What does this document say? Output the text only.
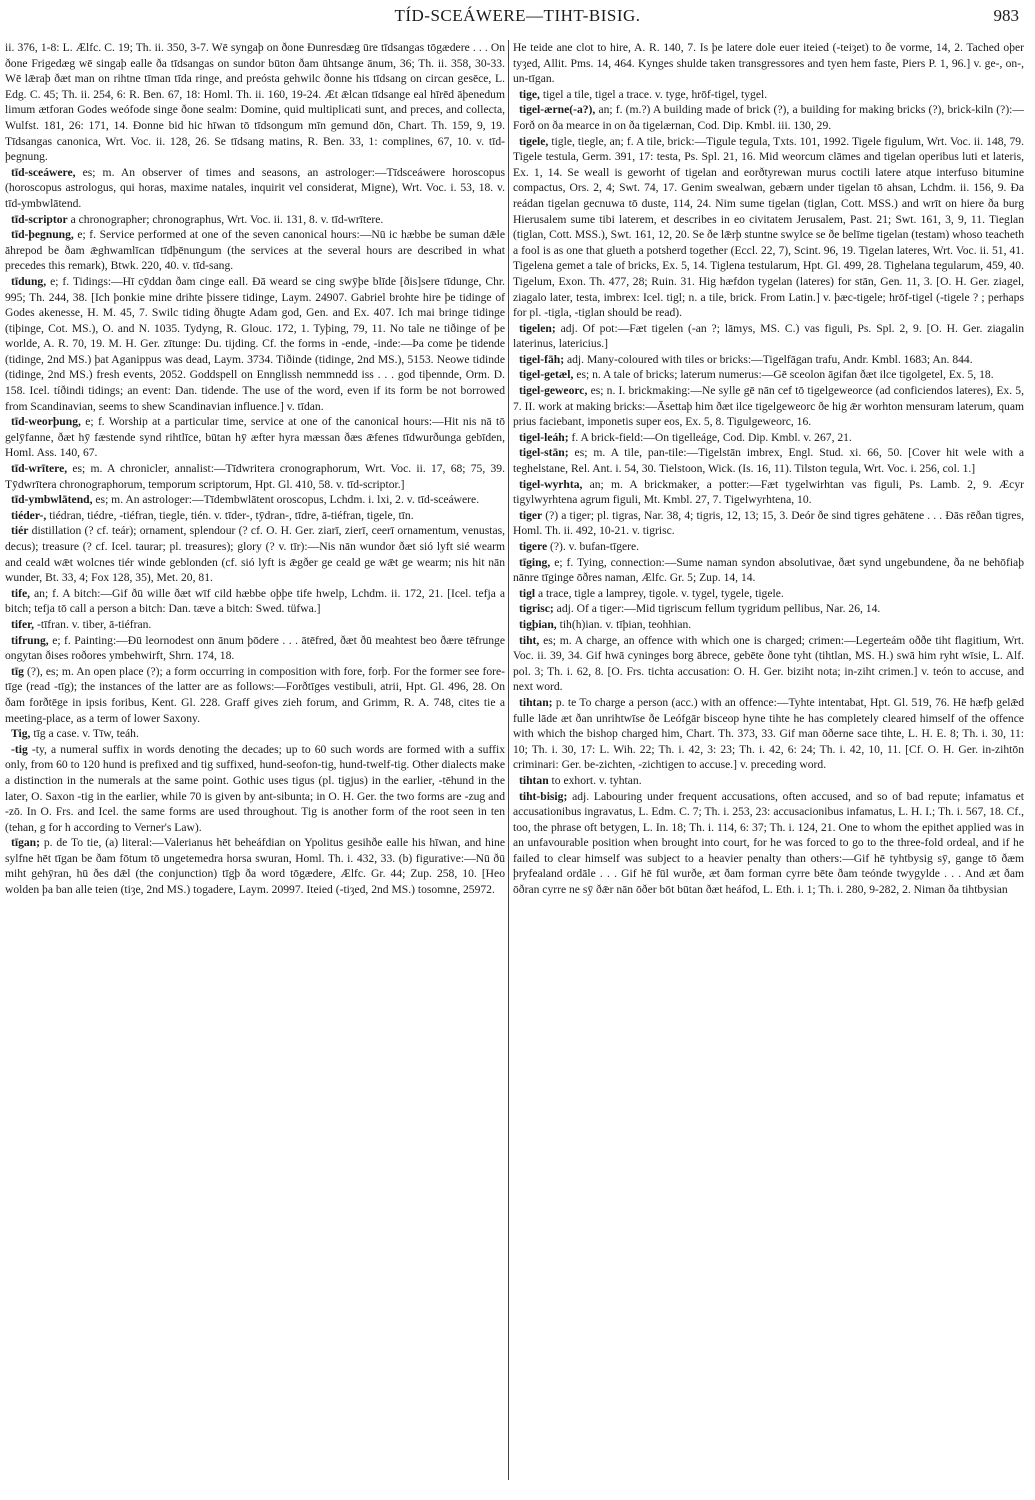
TÍD-SCEÁWERE—TIHT-BISIG.	983

ii. 376, 1-8: L. Ælfc. C. 19; Th. ii. 350, 3-7. Wē syngaþ on ðone Ðunresdæg ūre tīdsangas tōgædere . . . On ðone Frigedæg wē singaþ ealle ða tīdsangas on sundor būton ðam ūhtsange ānum, 36; Th. ii. 358, 30-33. Wē lǣraþ ðæt man on rihtne tīman tīda ringe, and preósta gehwilc ðonne his tīdsang on circan gesēce, L. Edg. C. 45; Th. ii. 254, 6: R. Ben. 67, 18: Homl. Th. ii. 160, 19-24. Æt ǣlcan tīdsange eal hīrēd āþenedum limum ætforan Godes weófode singe ðone sealm: Domine, quid multiplicati sunt, and preces, and collecta, Wulfst. 181, 26: 171, 14. Ðonne bid hic hīwan tō tīdsongum mīn gemund dōn, Chart. Th. 159, 9, 19. Tīdsangas canonica, Wrt. Voc. ii. 128, 26. Se tīdsang matins, R. Ben. 33, 1: complines, 67, 10. v. tīd-þegnung.

tīd-sceáwere, es; m. An observer of times and seasons, an astrologer:—Tīdsceáwere horoscopus (horoscopus astrologus, qui horas, maxime natales, inquirit vel considerat, Migne), Wrt. Voc. i. 53, 18. v. tīd-ymbwlātend.

tīd-scriptor a chronographer; chronographus, Wrt. Voc. ii. 131, 8. v. tīd-wrītere.

tīd-þegnung, e; f. Service performed at one of the seven canonical hours:—Nū ic hæbbe be suman dǣle āhrepod be ðam ǣghwamlīcan tīdþēnungum (the services at the several hours are described in what precedes this remark), Btwk. 220, 40. v. tīd-sang.

tīdung, e; f. Tidings:—Hī cȳddan ðam cinge eall. Ðā weard se cing swȳþe blīde [ðis]sere tīdunge, Chr. 995; Th. 244, 38. [Ich þonkie mine drihte þissere tidinge, Laym. 24907. Gabriel brohte hire þe tidinge of Godes akenesse, H. M. 45, 7. Swilc tiding ðhugte Adam god, Gen. and Ex. 407. Ich mai bringe tidinge (tiþinge, Cot. MS.), O. and N. 1035. Tydyng, R. Glouc. 172, 1. Tyþing, 79, 11. No tale ne tiðinge of þe worlde, A. R. 70, 19. M. H. Ger. zītunge: Du. tijding. Cf. the forms in -ende, -inde:—Þa come þe tidende (tidinge, 2nd MS.) þat Aganippus was dead, Laym. 3734. Tiðinde (tidinge, 2nd MS.), 5153. Neowe tidinde (tidinge, 2nd MS.) fresh events, 2052. Goddspell on Ennglissh nemmnedd iss . . . god tiþennde, Orm. D. 158. Icel. tíðindi tidings; an event: Dan. tidende. The use of the word, even if its form be not borrowed from Scandinavian, seems to shew Scandinavian influence.] v. tīdan.

tīd-weorþung, e; f. Worship at a particular time, service at one of the canonical hours:—Hit nis nā tō gelȳfanne, ðæt hȳ fæstende synd rihtlīce, būtan hȳ æfter hyra mæssan ðæs ǣfenes tīdwurðunga gebīden, Homl. Ass. 140, 67.

tīd-wrītere, es; m. A chronicler, annalist:—Tīdwritera cronographorum, Wrt. Voc. ii. 17, 68; 75, 39. Tȳdwrītera chronographorum, temporum scriptorum, Hpt. Gl. 410, 58. v. tīd-scriptor.]

tīd-ymbwlātend, es; m. An astrologer:—Tīdembwlātent oroscopus, Lchdm. i. lxi, 2. v. tīd-sceáwere.

tiéder-, tiédran, tiédre, -tiéfran, tiegle, tién. v. tīder-, tȳdran-, tīdre, ā-tiéfran, tigele, tīn.

tiér distillation (? cf. teár); ornament, splendour (? cf. O. H. Ger. ziarī, zierī, ceerī ornamentum, venustas, decus); treasure (? cf. Icel. taurar; pl. treasures); glory (? v. tīr):—Nis nān wundor ðæt sió lyft sié wearm and ceald wǣt wolcnes tiér winde geblonden (cf. sió lyft is ǣgðer ge ceald ge wǣt ge wearm; nis hit nān wunder, Bt. 33, 4; Fox 128, 35), Met. 20, 81.

tife, an; f. A bitch:—Gif ðū wille ðæt wīf cild hæbbe oþþe tife hwelp, Lchdm. ii. 172, 21. [Icel. tefja a bitch; tefja tō call a person a bitch: Dan. tæve a bitch: Swed. tüfwa.]

tifer, -tīfran. v. tiber, ā-tiéfran.

tifrung, e; f. Painting:—Ðū leornodest onn ānum þōdere . . . ātēfred, ðæt ðū meahtest beo ðære tēfrunge ongytan ðises roðores ymbehwirft, Shrn. 174, 18.

tīg (?), es; m. An open place (?); a form occurring in composition with fore, forþ. For the former see fore-tīge (read -tīg); the instances of the latter are as follows:—Forðtīges vestibuli, atrii, Hpt. Gl. 496, 28. On ðam forðtēge in ipsis foribus, Kent. Gl. 228. Graff gives zieh forum, and Grimm, R. A. 748, cites tie a meeting-place, as a term of lower Saxony.

Tig, tīg a case. v. Tīw, teáh.

-tig -ty, a numeral suffix in words denoting the decades; up to 60 such words are formed with a suffix only, from 60 to 120 hund is prefixed and tig suffixed, hund-seofon-tig, hund-twelf-tig. Other dialects make a distinction in the numerals at the same point. Gothic uses tigus (pl. tigjus) in the earlier, -tēhund in the later, O. Saxon -tig in the earlier, while 70 is given by ant-sibunta; in O. H. Ger. the two forms are -zug and -zō. In O. Frs. and Icel. the same forms are used throughout. Tig is another form of the root seen in ten (tehan, g for h according to Verner's Law).

tīgan; p. de To tie, (a) literal:—Valerianus hēt beheáfdian on Ypolitus gesihðe ealle his hīwan, and hine sylfne hēt tīgan be ðam fōtum tō ungetemedra horsa swuran, Homl. Th. i. 432, 33. (b) figurative:—Nū ðū miht gehȳran, hū ðes dǣl (the conjunction) tīgþ ða word tōgædere, Ælfc. Gr. 44; Zup. 258, 10. [Heo wolden þa ban alle teien (tiȝe, 2nd MS.) togadere, Laym. 20997. Iteied (-tiȝed, 2nd MS.) tosomne, 25972.

He teide ane clot to hire, A. R. 140, 7. Is þe latere dole euer iteied (-teiȝet) to ðe vorme, 14, 2. Tached oþer tyȝed, Allit. Pms. 14, 464. Kynges shulde taken transgressores and tyen hem faste, Piers P. 1, 96.] v. ge-, on-, un-tīgan.

tige, tigel a tile, tigel a trace. v. tyge, hrōf-tigel, tygel.

tigel-ærne(-a?), an; f. (m.?) A building made of brick (?), a building for making bricks (?), brick-kiln (?):—Forð on ða mearce in on ða tigelærnan, Cod. Dip. Kmbl. iii. 130, 29.

tigele, tigle, tiegle, an; f. A tile, brick:—Tigule tegula, Txts. 101, 1992. Tigele figulum, Wrt. Voc. ii. 148, 79. Tigele testula, Germ. 391, 17: testa, Ps. Spl. 21, 16. Mid weorcum clāmes and tigelan operibus luti et lateris, Ex. 1, 14. Se weall is geworht of tigelan and eorðtyrewan murus coctili latere atque interfuso bitumine compactus, Ors. 2, 4; Swt. 74, 17. Genim swealwan, gebærn under tigelan tō ahsan, Lchdm. ii. 156, 9. Ða reádan tigelan gecnuwa tō duste, 114, 24. Nim sume tigelan (tiglan, Cott. MSS.) and wrīt on hiere ða burg Hierusalem sume tibi laterem, et describes in eo civitatem Jerusalem, Past. 21; Swt. 161, 3, 9, 11. Tieglan (tiglan, Cott. MSS.), Swt. 161, 12, 20. Se ðe lǣrþ stuntne swylce se ðe belīme tigelan (testam) whoso teacheth a fool is as one that glueth a potsherd together (Eccl. 22, 7), Scint. 96, 19. Tigelan lateres, Wrt. Voc. ii. 51, 41. Tigelena gemet a tale of bricks, Ex. 5, 14. Tiglena testularum, Hpt. Gl. 499, 28. Tighelana tegularum, 459, 40. Tigelum, Exon. Th. 477, 28; Ruin. 31. Hig hæfdon tygelan (lateres) for stān, Gen. 11, 3. [O. H. Ger. ziagel, ziagalo later, testa, imbrex: Icel. tigl; n. a tile, brick. From Latin.] v. þæc-tigele; hrōf-tigel (-tigele ? ; perhaps for pl. -tigla, -tiglan should be read).

tigelen; adj. Of pot:—Fæt tigelen (-an ?; lāmys, MS. C.) vas figuli, Ps. Spl. 2, 9. [O. H. Ger. ziagalin laterinus, latericius.]

tigel-fāh; adj. Many-coloured with tiles or bricks:—Tigelfāgan trafu, Andr. Kmbl. 1683; An. 844.

tigel-getæl, es; n. A tale of bricks; laterum numerus:—Gē sceolon āgifan ðæt ilce tigolgetel, Ex. 5, 18.

tigel-geweorc, es; n. I. brickmaking:—Ne sylle gē nān cef tō tigelgeweorce (ad conficiendos lateres), Ex. 5, 7. II. work at making bricks:—Āsettaþ him ðæt ilce tigelgeweorc ðe hig ǣr worhton mensuram laterum, quam prius faciebant, imponetis super eos, Ex. 5, 8. Tigulgeweorc, 16.

tigel-leáh; f. A brick-field:—On tigelleáge, Cod. Dip. Kmbl. v. 267, 21.

tigel-stān; es; m. A tile, pan-tile:—Tigelstān imbrex, Engl. Stud. xi. 66, 50. [Cover hit wele with a teghelstane, Rel. Ant. i. 54, 30. Tielstoon, Wick. (Is. 16, 11). Tilston tegula, Wrt. Voc. i. 256, col. 1.]

tigel-wyrhta, an; m. A brickmaker, a potter:—Fæt tygelwirhtan vas figuli, Ps. Lamb. 2, 9. Æcyr tigylwyrhtena agrum figuli, Mt. Kmbl. 27, 7. Tigelwyrhtena, 10.

tiger (?) a tiger; pl. tigras, Nar. 38, 4; tigris, 12, 13; 15, 3. Deór ðe sind tigres gehātene . . . Ðās rēðan tigres, Homl. Th. ii. 492, 10-21. v. tigrisc.

tigere (?). v. bufan-tīgere.

tīging, e; f. Tying, connection:—Sume naman syndon absolutivae, ðæt synd ungebundene, ða ne behōfiaþ nānre tīginge ōðres naman, Ælfc. Gr. 5; Zup. 14, 14.

tigl a trace, tigle a lamprey, tigole. v. tygel, tygele, tigele.

tigrisc; adj. Of a tiger:—Mid tigriscum fellum tygridum pellibus, Nar. 26, 14.

tigþian, tih(h)ian. v. tīþian, teohhian.

tiht, es; m. A charge, an offence with which one is charged; crimen:—Legerteám oððe tiht flagitium, Wrt. Voc. ii. 39, 34. Gif hwā cyninges borg ābrece, gebēte ðone tyht (tihtlan, MS. H.) swā him ryht wīsie, L. Alf. pol. 3; Th. i. 62, 8. [O. Frs. tichta accusation: O. H. Ger. biziht nota; in-ziht crimen.] v. teón to accuse, and next word.

tihtan; p. te To charge a person (acc.) with an offence:—Tyhte intentabat, Hpt. Gl. 519, 76. Hē hæfþ gelǣd fulle lāde æt ðan unrihtwīse ðe Leófgār bisceop hyne tihte he has completely cleared himself of the offence with which the bishop charged him, Chart. Th. 373, 33. Gif man ōðerne sace tihte, L. H. E. 8; Th. i. 30, 11: 10; Th. i. 30, 17: L. Wih. 22; Th. i. 42, 3: 23; Th. i. 42, 6: 24; Th. i. 42, 10, 11. [Cf. O. H. Ger. in-zihtōn criminari: Ger. be-zichten, -zichtigen to accuse.] v. preceding word.

tihtan to exhort. v. tyhtan.

tiht-bisig; adj. Labouring under frequent accusations, often accused, and so of bad repute; infamatus et accusationibus ingravatus, L. Edm. C. 7; Th. i. 253, 23: accusacionibus infamatus, L. H. I.; Th. i. 567, 18. Cf., too, the phrase oft betygen, L. In. 18; Th. i. 114, 6: 37; Th. i. 124, 21. One to whom the epithet applied was in an unfavourable position when brought into court, for he was forced to go to the three-fold ordeal, and if he failed to clear himself was subject to a heavier penalty than others:—Gif hē tyhtbysig sȳ, gange tō ðæm þryfealand ordāle . . . Gif hē fūl wurðe, æt ðam forman cyrre bēte ðam teónde twygylde . . . And æt ðam ōðran cyrre ne sȳ ðǣr nān ōðer bōt būtan ðæt heáfod, L. Eth. i. 1; Th. i. 280, 9-282, 2. Niman ða tihtbysian
